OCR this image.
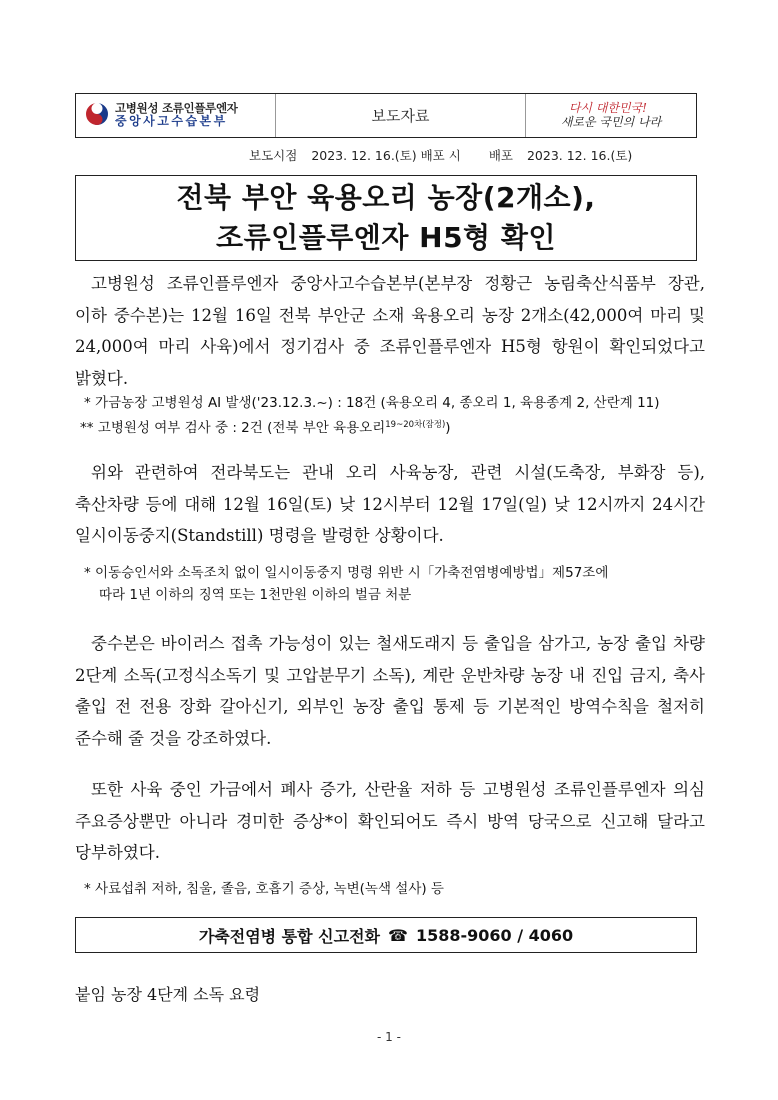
고병원성 조류인플루엔자
중앙사고수습본부	보도자료	다시 대한민국!
새로운 국민의 나라
보도시점 2023. 12. 16.(토) 배포 시 배포 2023. 12. 16.(토)
전북 부안 육용오리 농장(2개소),
조류인플루엔자 H5형 확인
고병원성 조류인플루엔자 중앙사고수습본부(본부장 정황근 농림축산식품부 장관, 이하 중수본)는 12월 16일 전북 부안군 소재 육용오리 농장 2개소(42,000여 마리 및 24,000여 마리 사육)에서 정기검사 중 조류인플루엔자 H5형 항원이 확인되었다고 밝혔다.
* 가금농장 고병원성 AI 발생('23.12.3.~) : 18건 (육용오리 4, 종오리 1, 육용종계 2, 산란계 11)
** 고병원성 여부 검사 중 : 2건 (전북 부안 육용오리$^{19\sim 20차(잠정)}$)
위와 관련하여 전라북도는 관내 오리 사육농장, 관련 시설(도축장, 부화장 등), 축산차량 등에 대해 12월 16일(토) 낮 12시부터 12월 17일(일) 낮 12시까지 24시간 일시이동중지(Standstill) 명령을 발령한 상황이다.
* 이동승인서와 소독조치 없이 일시이동중지 명령 위반 시「가축전염병예방법」제57조에
따라 1년 이하의 징역 또는 1천만원 이하의 벌금 처분
중수본은 바이러스 접촉 가능성이 있는 철새도래지 등 출입을 삼가고, 농장 출입 차량 2단계 소독(고정식소독기 및 고압분무기 소독), 계란 운반차량 농장 내 진입 금지, 축사 출입 전 전용 장화 갈아신기, 외부인 농장 출입 통제 등 기본적인 방역수칙을 철저히 준수해 줄 것을 강조하였다.
또한 사육 중인 가금에서 폐사 증가, 산란율 저하 등 고병원성 조류인플루엔자 의심 주요증상뿐만 아니라 경미한 증상*이 확인되어도 즉시 방역 당국으로 신고해 달라고 당부하였다.
* 사료섭취 저하, 침울, 졸음, 호흡기 증상, 녹변(녹색 설사) 등
가축전염병 통합 신고전화 ☎ 1588-9060 / 4060
붙임 농장 4단계 소독 요령
- 1 -
